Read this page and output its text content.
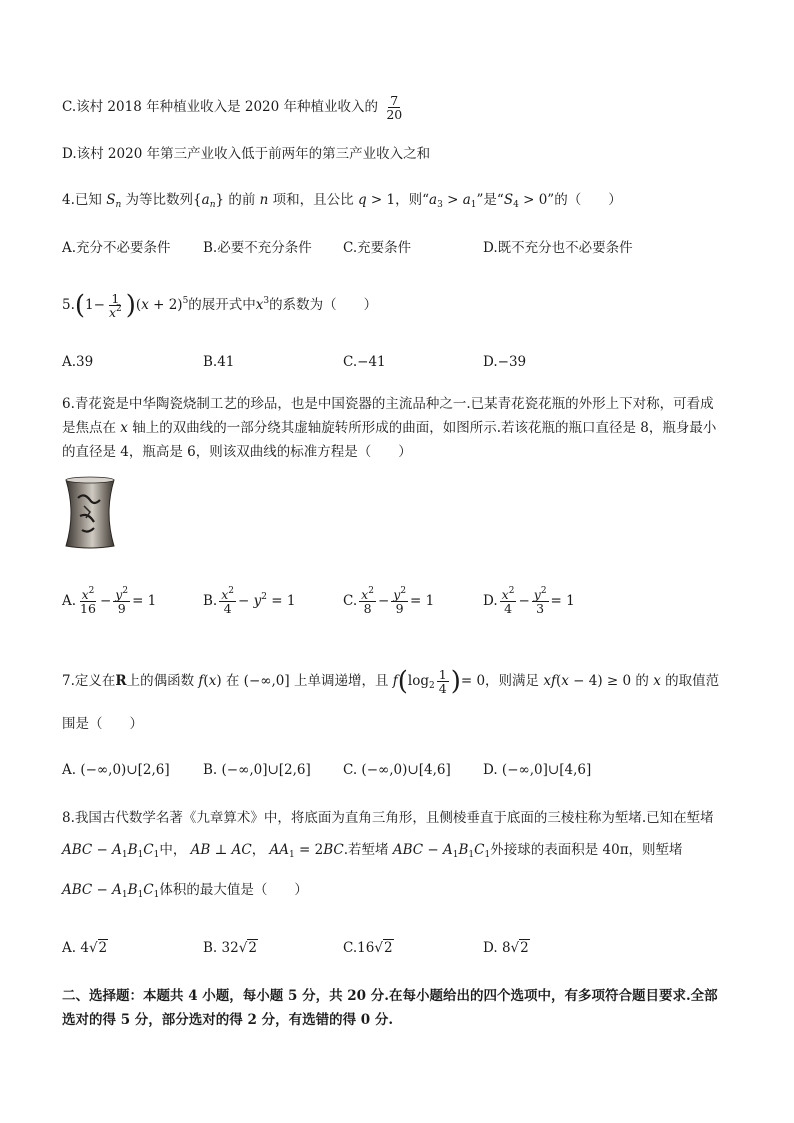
C.该村 2018 年种植业收入是 2020 年种植业收入的 $\frac{7}{20}$
D.该村 2020 年第三产业收入低于前两年的第三产业收入之和
4.已知 $S_n$ 为等比数列$\{a_n\}$ 的前 n 项和，且公比 q > 1，则“$a_3 > a_1$”是“$S_4 > 0$”的（　　）
A.充分不必要条件 B.必要不充分条件 C.充要条件	D.既不充分也不必要条件
$5.(1- \frac{1}{x^2} )(x + 2)^5$的展开式中$x^3$的系数为（　　）
A.39	B.41	C.−41	D.−39
6.青花瓷是中华陶瓷烧制工艺的珍品，也是中国瓷器的主流品种之一.已某青花瓷花瓶的外形上下对称，可看成
是焦点在 x 轴上的双曲线的一部分绕其虚轴旋转所形成的曲面，如图所示.若该花瓶的瓶口直径是 8，瓶身最小
的直径是 4，瓶高是 6，则该双曲线的标准方程是（　　）
A. $\frac{x^2}{16} - \frac{y^2}{9} = 1$	B. $\frac{x^2}{4} - y^2 = 1$	C. $\frac{x^2}{8} - \frac{y^2}{9} = 1$	D. $\frac{x^2}{4} - \frac{y^2}{3} = 1$
7.定义在R上的偶函数 f(x) 在 (−∞,0] 上单调递增，且 $f(\log_2 \frac{1}{4}$ )= 0，则满足 xf(x − 4) ≥ 0 的 x 的取值范
围是（　　）
A. (−∞,0)∪[2,6] B. (−∞,0]∪[2,6] C. (−∞,0)∪[4,6] D. (−∞,0]∪[4,6]
8.我国古代数学名著《九章算术》中，将底面为直角三角形，且侧棱垂直于底面的三棱柱称为堑堵.已知在堑堵
ABC − $A_1B_1C_1$中， AB ⊥ AC， $AA_1 = 2BC$.若堑堵 ABC − $A_1B_1C_1$外接球的表面积是 40π，则堑堵
ABC − $A_1B_1C_1$体积的最大值是（　　）
A. 4√2	B. 32√2	C.16√2	D. 8√2
二、选择题：本题共 4 小题，每小题 5 分，共 20 分.在每小题给出的四个选项中，有多项符合题目要求.全部
选对的得 5 分，部分选对的得 2 分，有选错的得 0 分.
